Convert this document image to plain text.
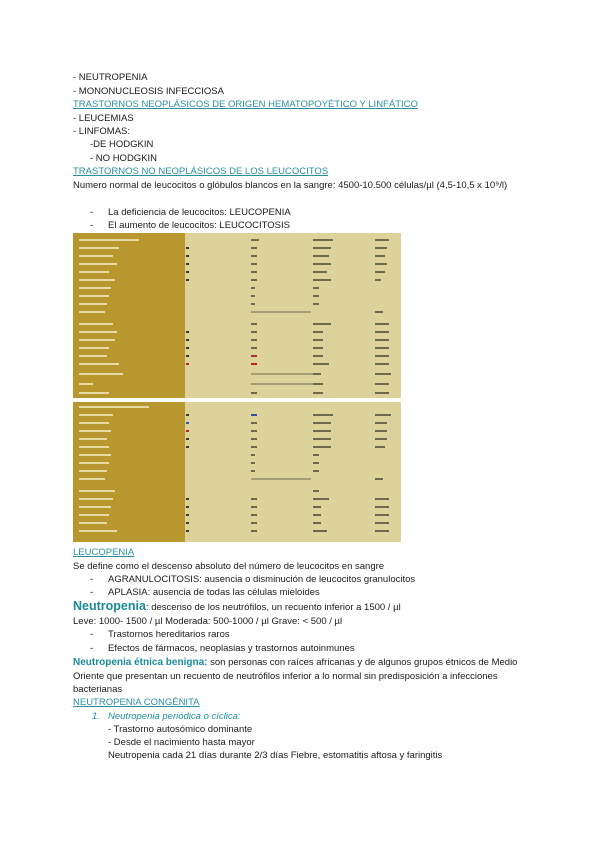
- NEUTROPENIA
- MONONUCLEOSIS INFECCIOSA
TRASTORNOS NEOPLÁSICOS DE ORIGEN HEMATOPOYÉTICO Y LINFÁTICO
- LEUCEMIAS
- LINFOMAS:
-DE HODGKIN
- NO HODGKIN
TRASTORNOS NO NEOPLÁSICOS DE LOS LEUCOCITOS
Numero normal de leucocitos o glóbulos blancos en la sangre: 4500-10.500 células/µl (4,5-10,5 x 10⁹/l)
- La deficiencia de leucocitos: LEUCOPENIA
- El aumento de leucocitos: LEUCOCITOSIS
LEUCOPENIA
Se define como el descenso absoluto del número de leucocitos en sangre
- AGRANULOCITOSIS: ausencia o disminución de leucocitos granulocitos
- APLASIA: ausencia de todas las células mieloides
Neutropenia: descenso de los neutrófilos, un recuento inferior a 1500 / µl
Leve: 1000- 1500 / µl Moderada: 500-1000 / µl Grave: < 500 / µl
- Trastornos hereditarios raros
- Efectos de fármacos, neoplasias y trastornos autoinmunes
Neutropenia étnica benigna: son personas con raíces africanas y de algunos grupos étnicos de Medio Oriente que presentan un recuento de neutrófilos inferior a lo normal sin predisposición a infecciones bacterianas
NEUTROPENIA CONGÉNITA
1. Neutropenia periódica o cíclica:
- Trastorno autosómico dominante
- Desde el nacimiento hasta mayor
Neutropenia cada 21 días durante 2/3 días Fiebre, estomatitis aftosa y faringitis
